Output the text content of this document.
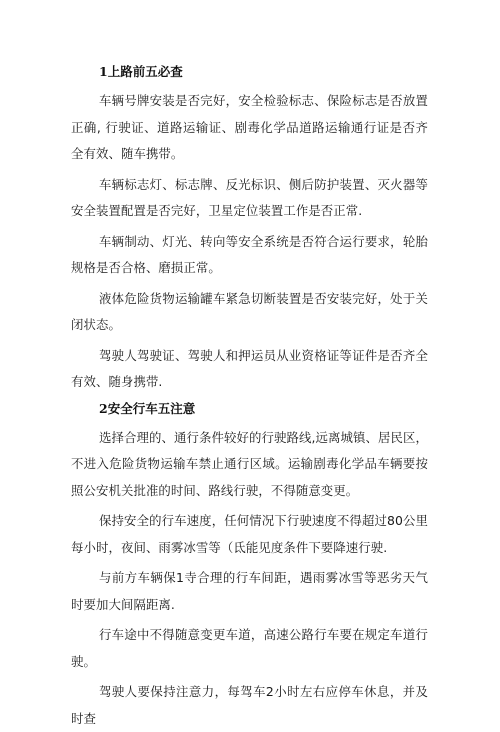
1上路前五必查

车辆号牌安装是否完好，安全检验标志、保险标志是否放置正确, 行驶证、道路运输证、剧毒化学品道路运输通行证是否齐全有效、随车携带。

车辆标志灯、标志牌、反光标识、侧后防护装置、灭火器等安全装置配置是否完好，卫星定位装置工作是否正常.

车辆制动、灯光、转向等安全系统是否符合运行要求，轮胎规格是否合格、磨损正常。

液体危险货物运输罐车紧急切断装置是否安装完好，处于关闭状态。

驾驶人驾驶证、驾驶人和押运员从业资格证等证件是否齐全有效、随身携带.

2安全行车五注意

选择合理的、通行条件较好的行驶路线,远离城镇、居民区，不进入危险货物运输车禁止通行区域。运输剧毒化学品车辆要按照公安机关批准的时间、路线行驶，不得随意变更。

保持安全的行车速度，任何情况下行驶速度不得超过80公里每小时，夜间、雨雾冰雪等（氐能见度条件下要降速行驶.

与前方车辆保1寺合理的行车间距，遇雨雾冰雪等恶劣天气时要加大间隔距离.

行车途中不得随意变更车道，高速公路行车要在规定车道行驶。

驾驶人要保持注意力，每驾车2小时左右应停车休息，并及时查
